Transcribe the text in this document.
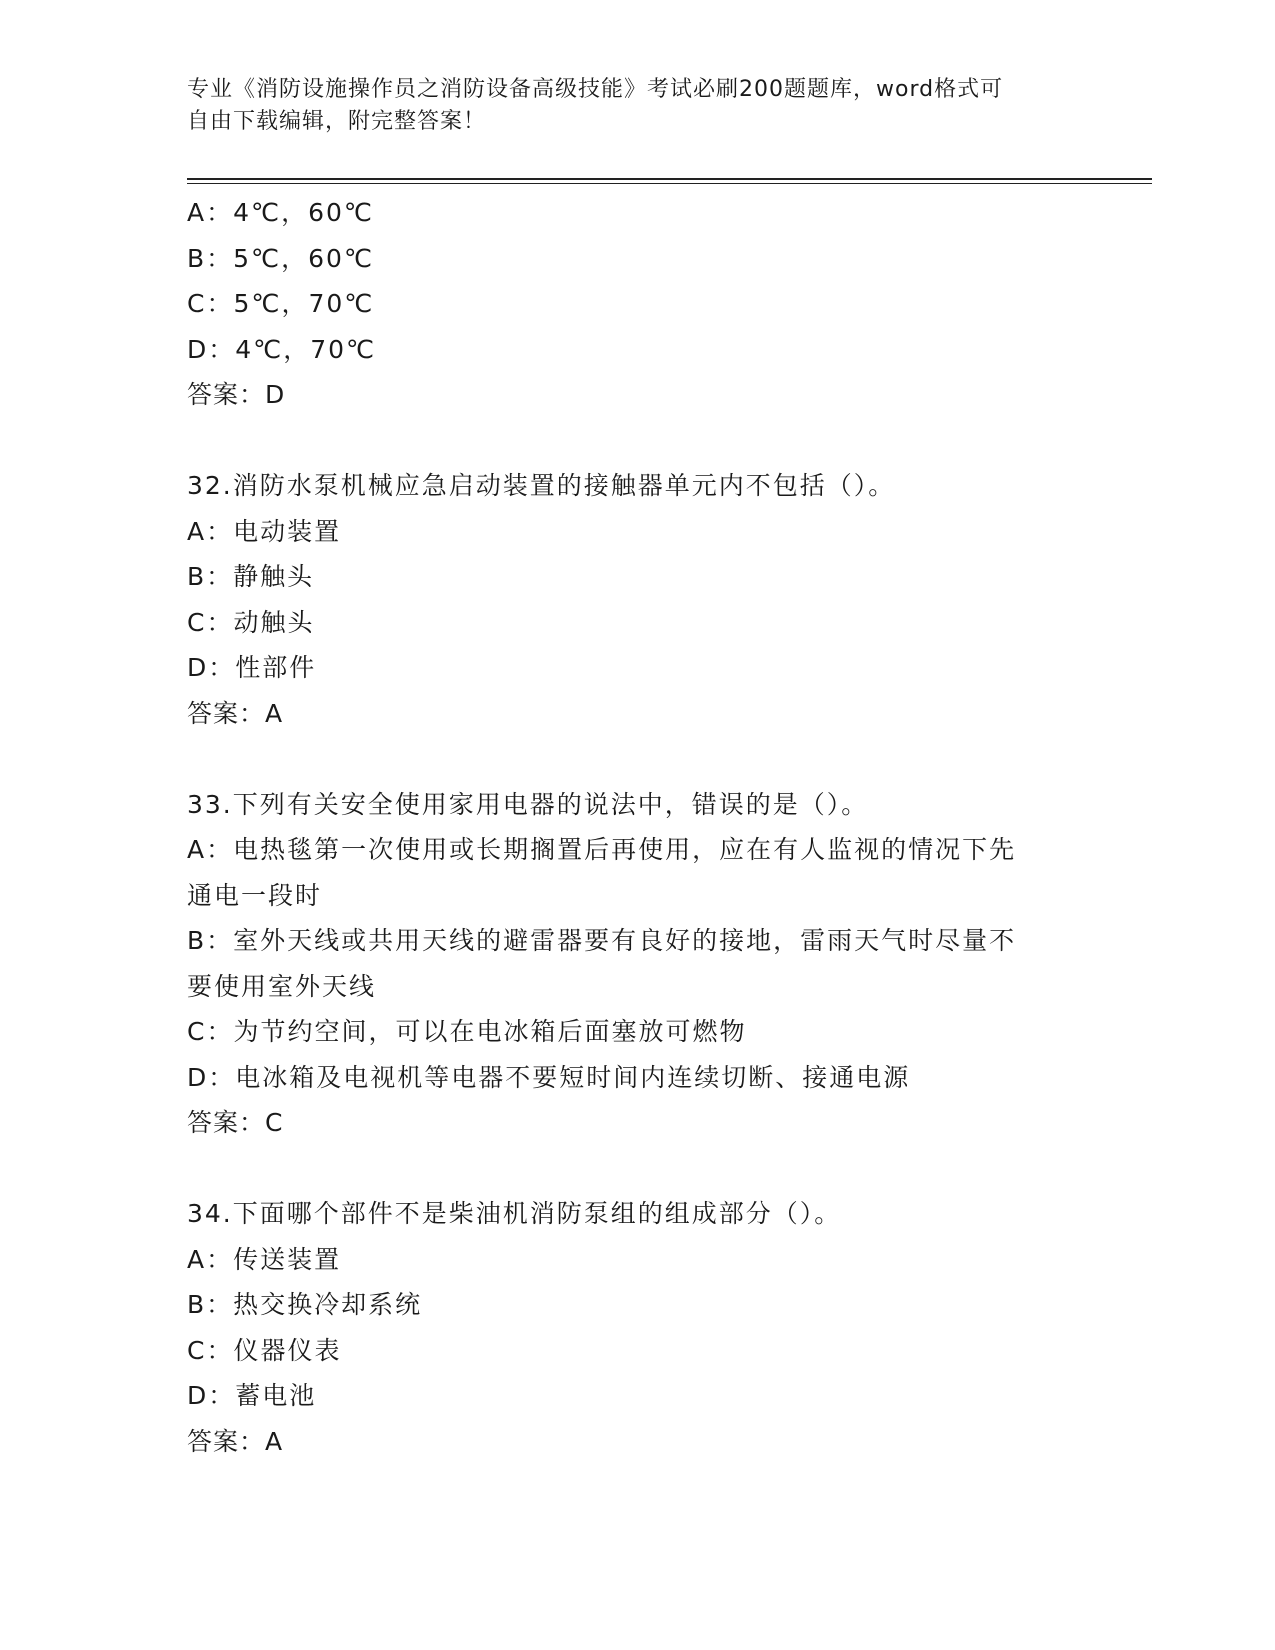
专业《消防设施操作员之消防设备高级技能》考试必刷200题题库，word格式可
自由下载编辑，附完整答案！
A：4℃，60℃
B：5℃，60℃
C：5℃，70℃
D：4℃，70℃
答案：D
32.消防水泵机械应急启动装置的接触器单元内不包括（）。
A：电动装置
B：静触头
C：动触头
D：性部件
答案：A
33.下列有关安全使用家用电器的说法中，错误的是（）。
A：电热毯第一次使用或长期搁置后再使用，应在有人监视的情况下先
通电一段时
B：室外天线或共用天线的避雷器要有良好的接地，雷雨天气时尽量不
要使用室外天线
C：为节约空间，可以在电冰箱后面塞放可燃物
D：电冰箱及电视机等电器不要短时间内连续切断、接通电源
答案：C
34.下面哪个部件不是柴油机消防泵组的组成部分（）。
A：传送装置
B：热交换冷却系统
C：仪器仪表
D：蓄电池
答案：A
